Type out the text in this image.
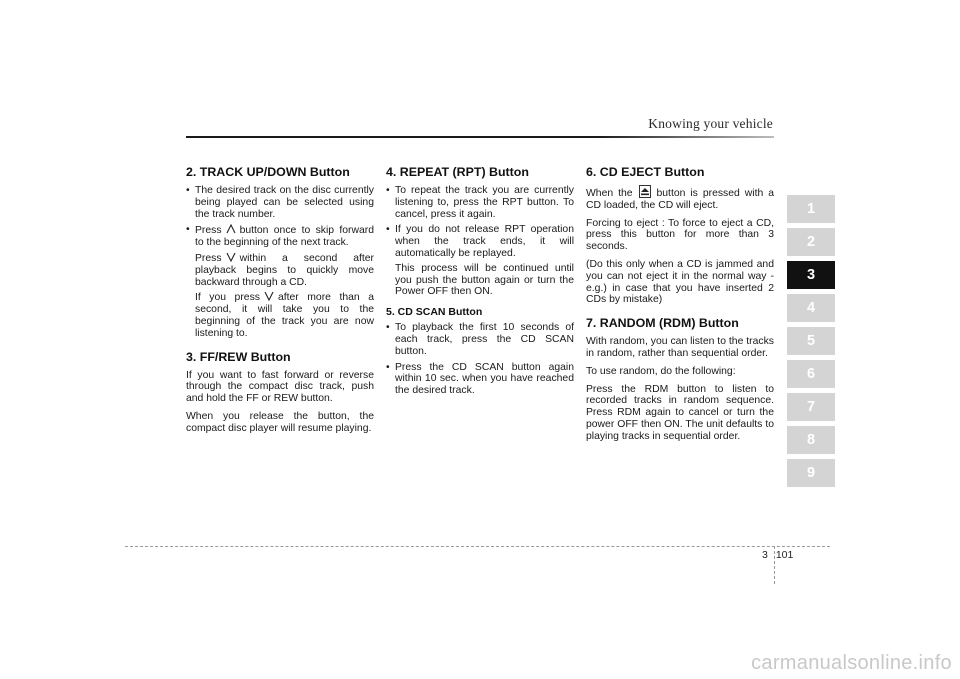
Knowing your vehicle
2. TRACK UP/DOWN Button
• The desired track on the disc currently being played can be selected using the track number.
• Press button once to skip forward to the beginning of the next track.
Press within a second after playback begins to quickly move backward through a CD.
If you press after more than a second, it will take you to the beginning of the track you are now listening to.
3. FF/REW Button

If you want to fast forward or reverse through the compact disc track, push and hold the FF or REW button.

When you release the button, the compact disc player will resume playing.

4. REPEAT (RPT) Button
• To repeat the track you are currently listening to, press the RPT button. To cancel, press it again.
• If you do not release RPT operation when the track ends, it will automatically be replayed.
This process will be continued until you push the button again or turn the Power OFF then ON.
5. CD SCAN Button
• To playback the first 10 seconds of each track, press the CD SCAN button.
• Press the CD SCAN button again within 10 sec. when you have reached the desired track.
6. CD EJECT Button

When the button is pressed with a CD loaded, the CD will eject.

Forcing to eject : To force to eject a CD, press this button for more than 3 seconds.

(Do this only when a CD is jammed and you can not eject it in the normal way - e.g.) in case that you have inserted 2 CDs by mistake)

7. RANDOM (RDM) Button

With random, you can listen to the tracks in random, rather than sequential order.

To use random, do the following:

Press the RDM button to listen to recorded tracks in random sequence. Press RDM again to cancel or turn the power OFF then ON. The unit defaults to playing tracks in sequential order.

1
2
3
4
5
6
7
8
9
3 101
carmanualsonline.info
